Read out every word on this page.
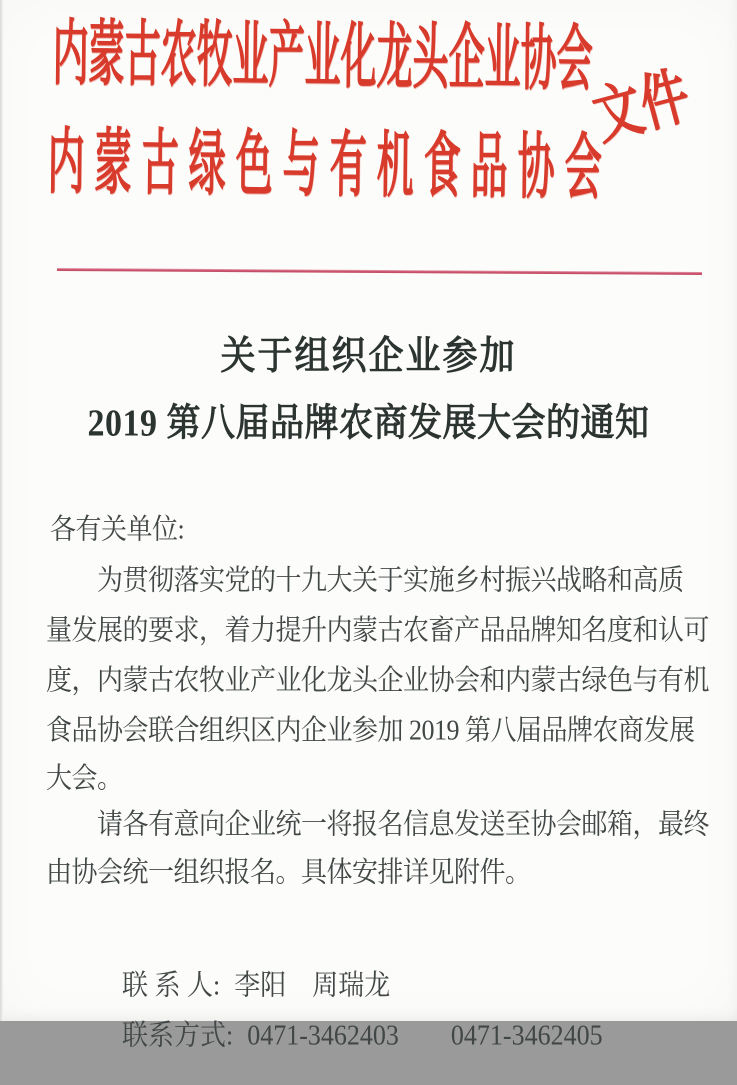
内蒙古农牧业产业化龙头企业协会
内蒙古绿色与有机食品协会
文件
关于组织企业参加
2019 第八届品牌农商发展大会的通知
各有关单位:
为贯彻落实党的十九大关于实施乡村振兴战略和高质
量发展的要求，着力提升内蒙古农畜产品品牌知名度和认可
度，内蒙古农牧业产业化龙头企业协会和内蒙古绿色与有机
食品协会联合组织区内企业参加 2019 第八届品牌农商发展
大会。
请各有意向企业统一将报名信息发送至协会邮箱，最终
由协会统一组织报名。具体安排详见附件。

联 系 人: 李阳　周瑞龙

联系方式: 0471-3462403 0471-3462405
